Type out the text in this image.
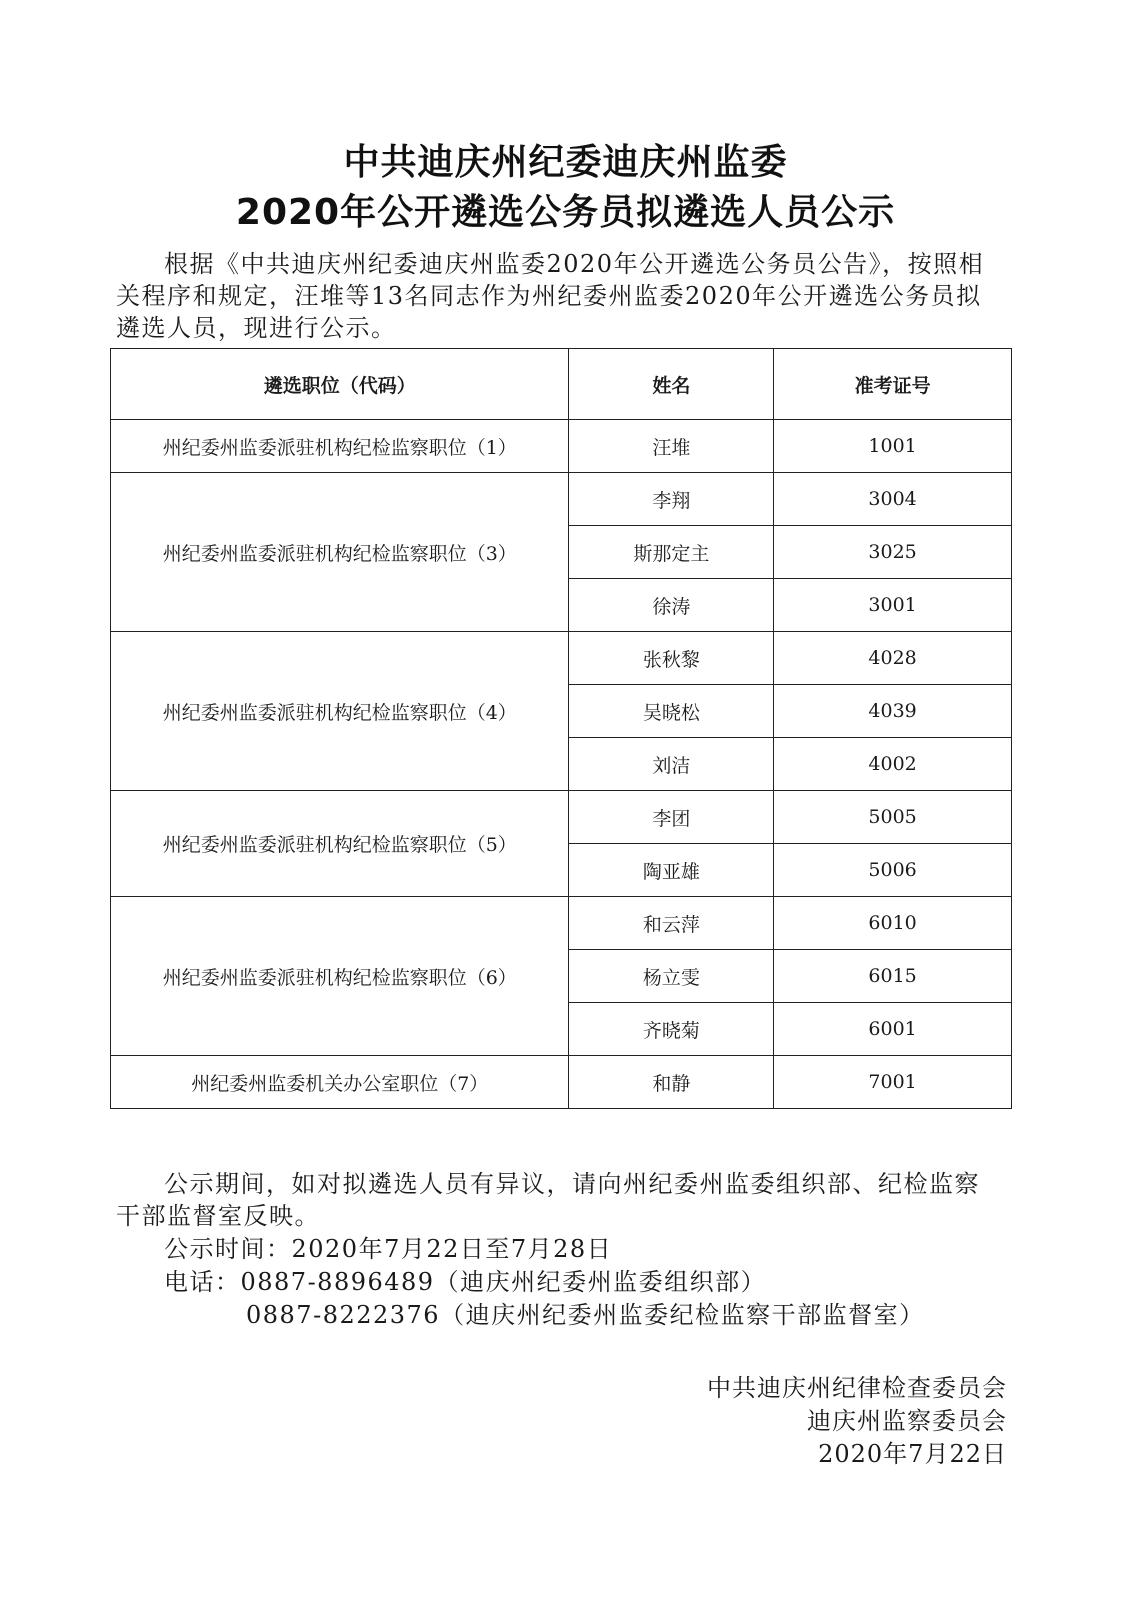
中共迪庆州纪委迪庆州监委
2020年公开遴选公务员拟遴选人员公示
根据《中共迪庆州纪委迪庆州监委2020年公开遴选公务员公告》，按照相关程序和规定，汪堆等13名同志作为州纪委州监委2020年公开遴选公务员拟遴选人员，现进行公示。
遴选职位（代码）	姓名	准考证号
州纪委州监委派驻机构纪检监察职位（1）	汪堆	1001
州纪委州监委派驻机构纪检监察职位（3）	李翔	3004
	斯那定主	3025
	徐涛	3001
州纪委州监委派驻机构纪检监察职位（4）	张秋黎	4028
	吴晓松	4039
	刘洁	4002
州纪委州监委派驻机构纪检监察职位（5）	李团	5005
	陶亚雄	5006
州纪委州监委派驻机构纪检监察职位（6）	和云萍	6010
	杨立雯	6015
	齐晓菊	6001
州纪委州监委机关办公室职位（7）	和静	7001
公示期间，如对拟遴选人员有异议，请向州纪委州监委组织部、纪检监察干部监督室反映。
公示时间：2020年7月22日至7月28日
电话：0887-8896489（迪庆州纪委州监委组织部）
0887-8222376（迪庆州纪委州监委纪检监察干部监督室）
中共迪庆州纪律检查委员会
迪庆州监察委员会
2020年7月22日
